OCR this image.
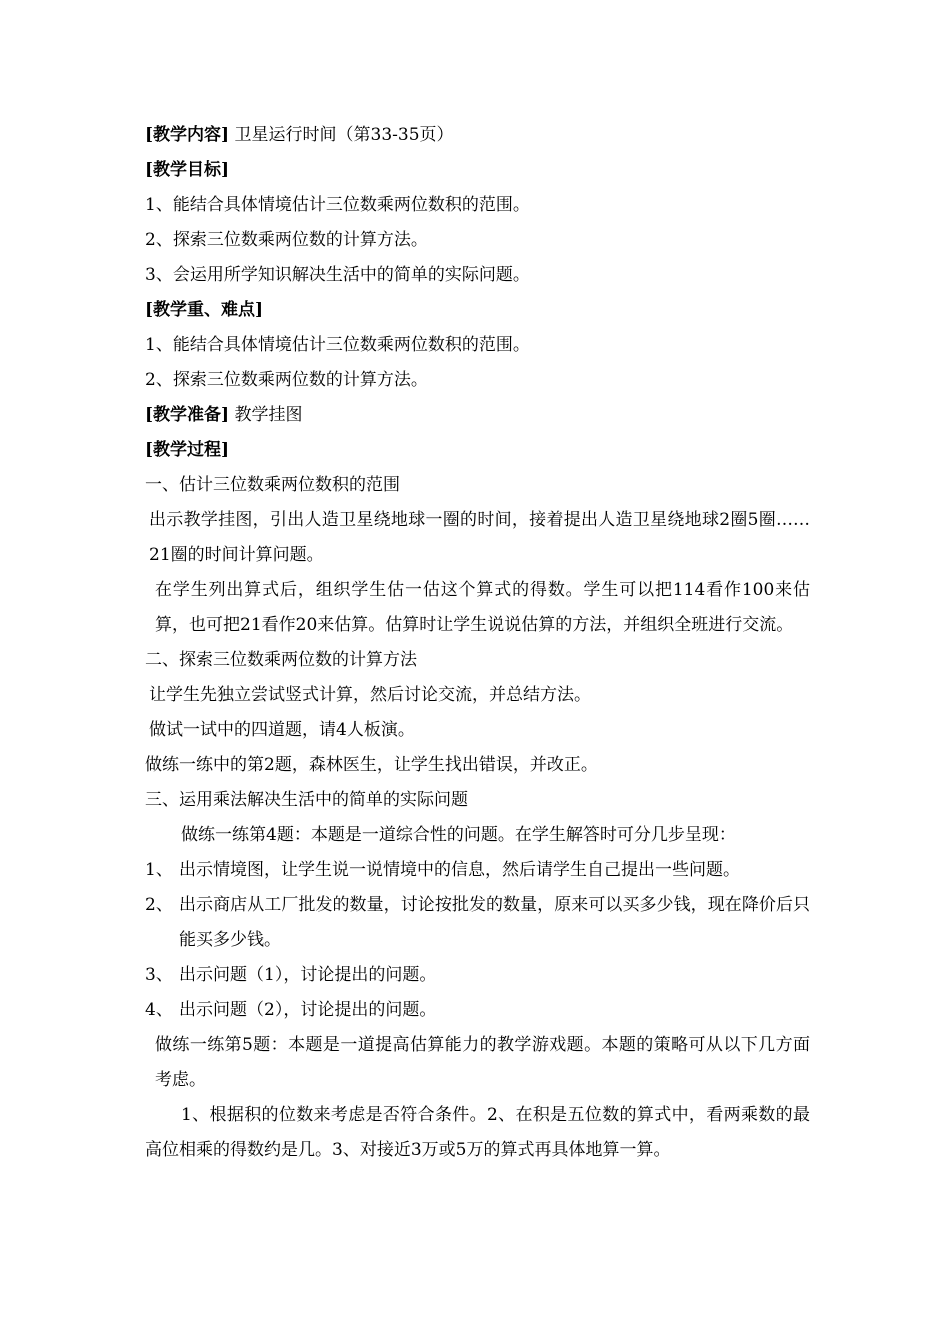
[教学内容] 卫星运行时间（第33-35页）

[教学目标]

1、能结合具体情境估计三位数乘两位数积的范围。

2、探索三位数乘两位数的计算方法。

3、会运用所学知识解决生活中的简单的实际问题。

[教学重、难点]

1、能结合具体情境估计三位数乘两位数积的范围。

2、探索三位数乘两位数的计算方法。

[教学准备] 教学挂图

[教学过程]

一、估计三位数乘两位数积的范围

出示教学挂图，引出人造卫星绕地球一圈的时间，接着提出人造卫星绕地球2圈5圈……21圈的时间计算问题。

在学生列出算式后，组织学生估一估这个算式的得数。学生可以把114看作100来估算，也可把21看作20来估算。估算时让学生说说估算的方法，并组织全班进行交流。

二、探索三位数乘两位数的计算方法

让学生先独立尝试竖式计算，然后讨论交流，并总结方法。

做试一试中的四道题，请4人板演。

做练一练中的第2题，森林医生，让学生找出错误，并改正。

三、运用乘法解决生活中的简单的实际问题

做练一练第4题：本题是一道综合性的问题。在学生解答时可分几步呈现：

1、 出示情境图，让学生说一说情境中的信息，然后请学生自己提出一些问题。
2、 出示商店从工厂批发的数量，讨论按批发的数量，原来可以买多少钱，现在降价后只能买多少钱。
3、 出示问题（1），讨论提出的问题。
4、 出示问题（2），讨论提出的问题。

做练一练第5题：本题是一道提高估算能力的教学游戏题。本题的策略可从以下几方面考虑。

1、根据积的位数来考虑是否符合条件。2、在积是五位数的算式中，看两乘数的最高位相乘的得数约是几。3、对接近3万或5万的算式再具体地算一算。
